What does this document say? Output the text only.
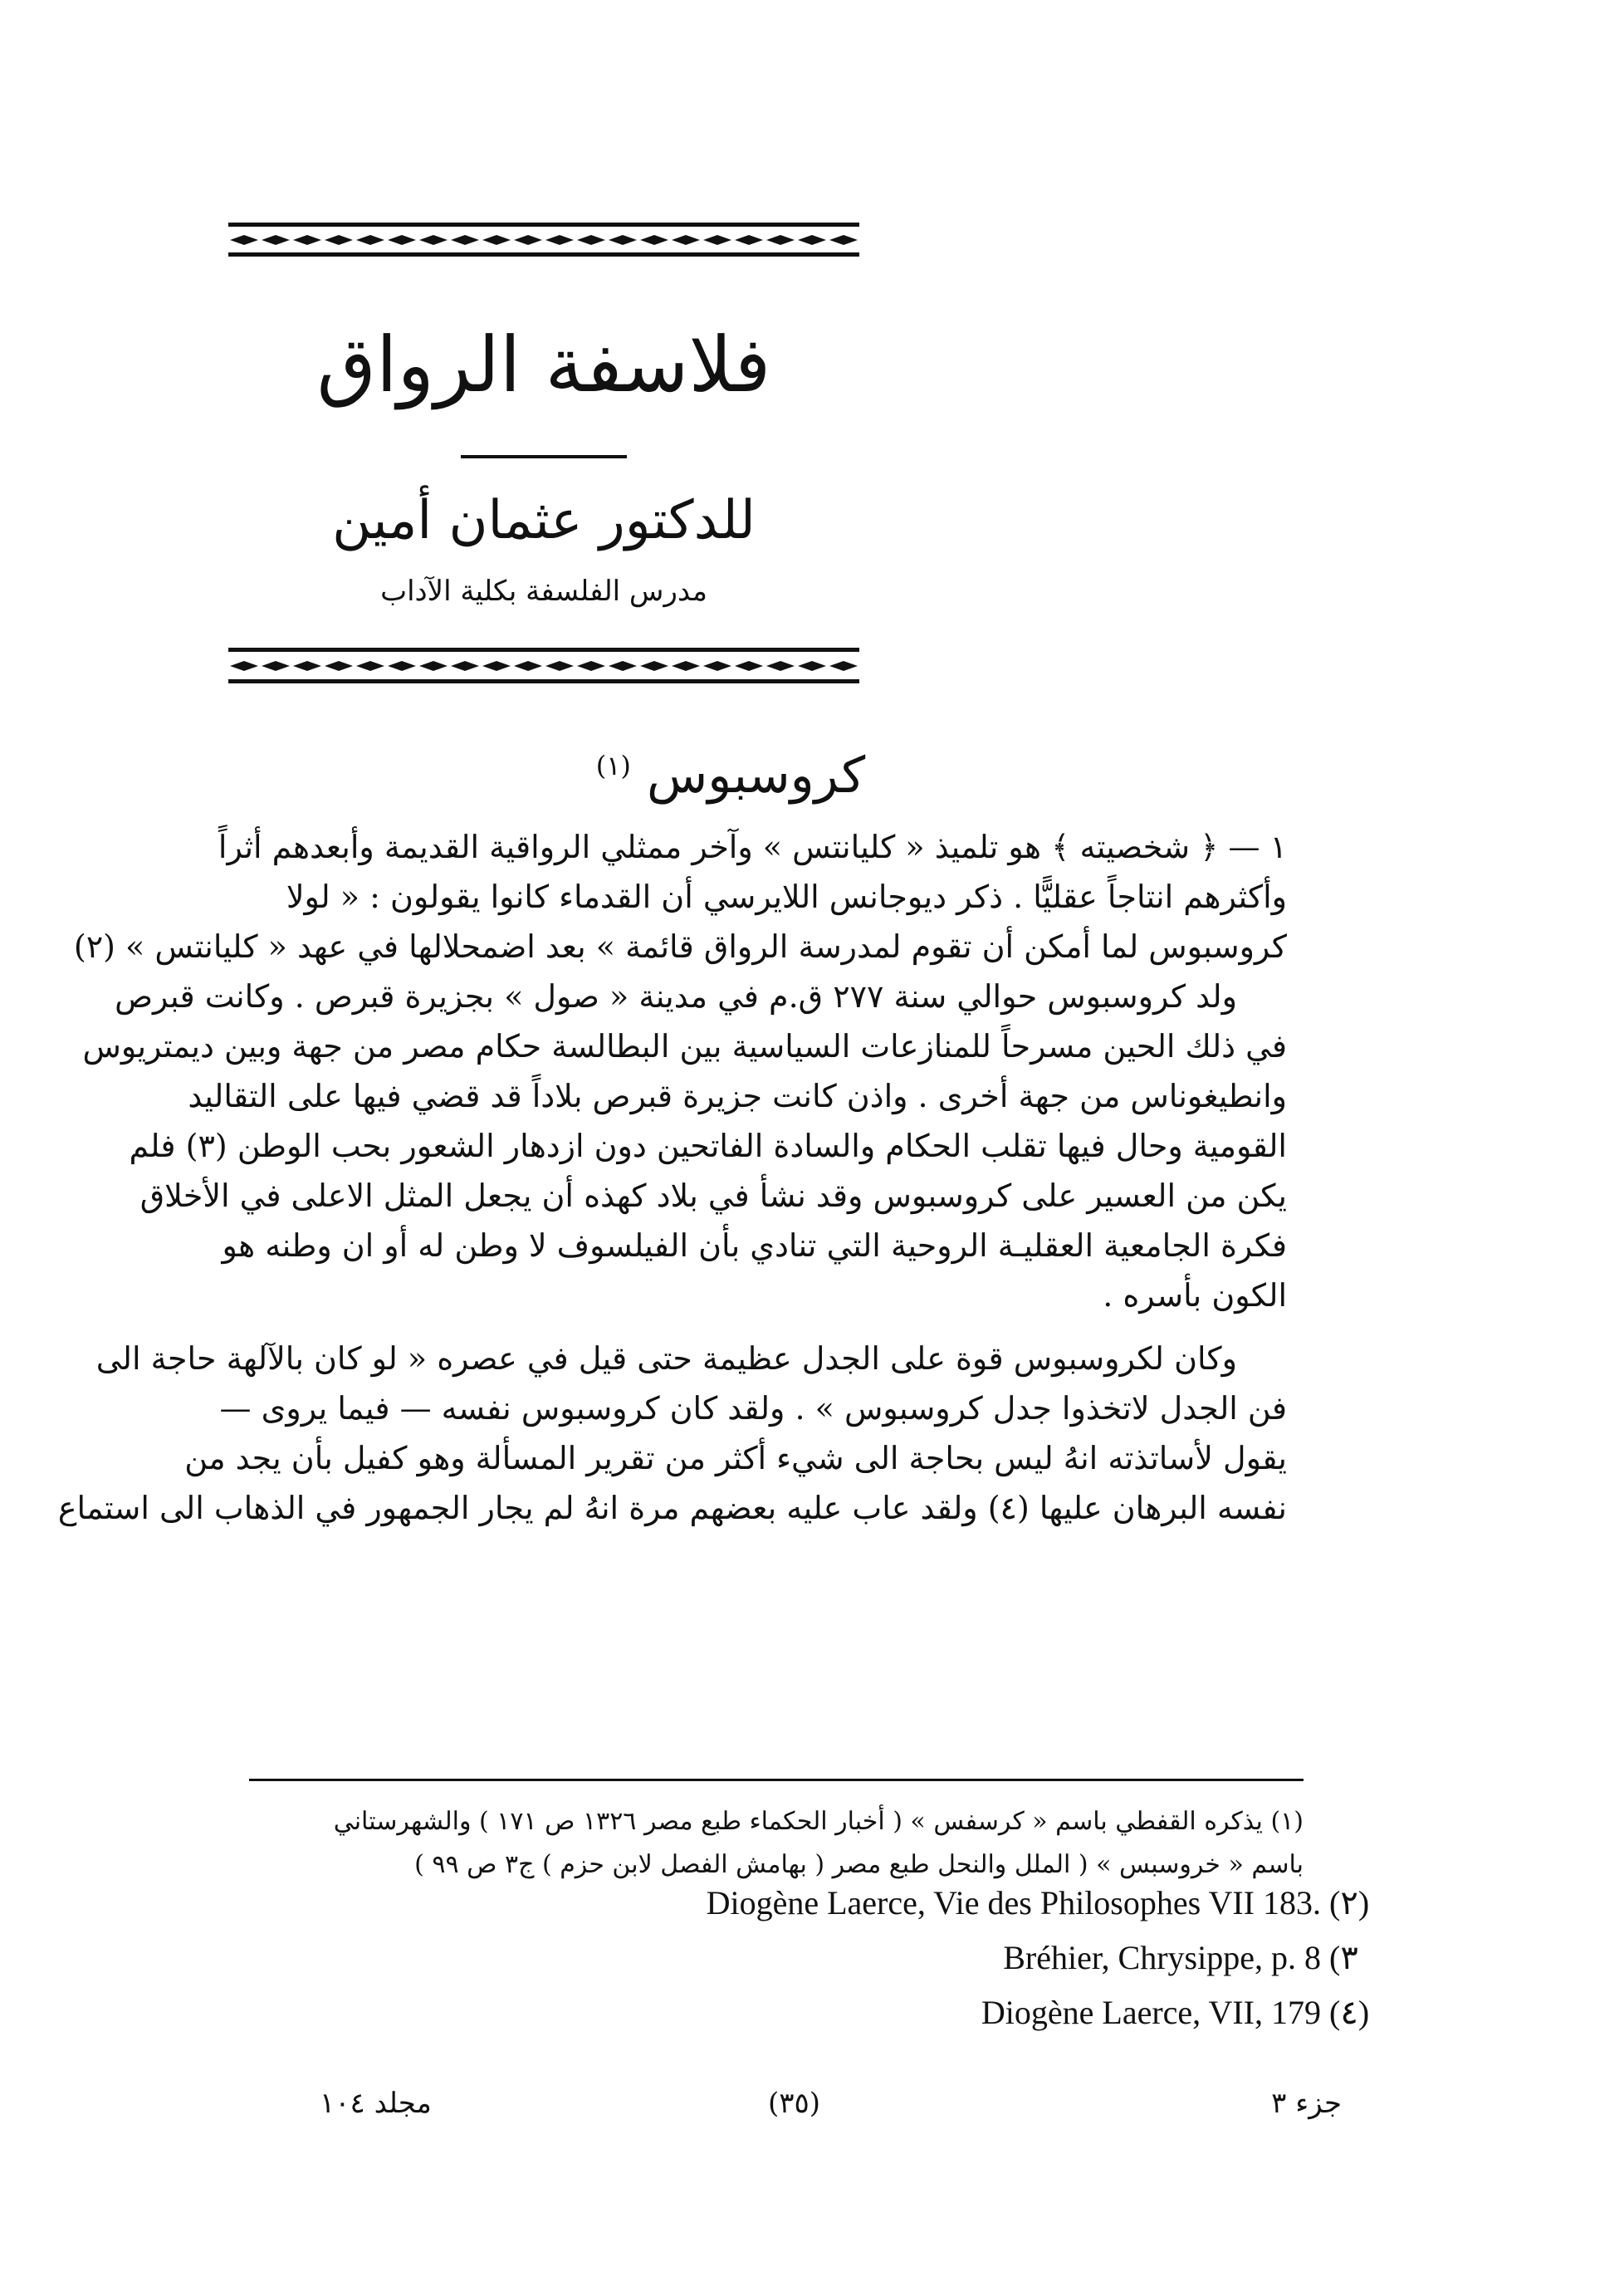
فلاسفة الرواق
للدكتور عثمان أمين
مدرس الفلسفة بكلية الآداب
كروسبوس $^{(١)}$
١ — ﴿ شخصيته ﴾ هو تلميذ « كليانتس » وآخر ممثلي الرواقية القديمة وأبعدهم أثراً
وأكثرهم انتاجاً عقليًّا . ذكر ديوجانس اللايرسي أن القدماء كانوا يقولون : « لولا
كروسبوس لما أمكن أن تقوم لمدرسة الرواق قائمة » بعد اضمحلالها في عهد « كليانتس » (٢)
ولد كروسبوس حوالي سنة ٢٧٧ ق.م في مدينة « صول » بجزيرة قبرص . وكانت قبرص
في ذلك الحين مسرحاً للمنازعات السياسية بين البطالسة حكام مصر من جهة وبين ديمتريوس
وانطيغوناس من جهة أخرى . واذن كانت جزيرة قبرص بلاداً قد قضي فيها على التقاليد
القومية وحال فيها تقلب الحكام والسادة الفاتحين دون ازدهار الشعور بحب الوطن (٣) فلم
يكن من العسير على كروسبوس وقد نشأ في بلاد كهذه أن يجعل المثل الاعلى في الأخلاق
فكرة الجامعية العقليـة الروحية التي تنادي بأن الفيلسوف لا وطن له أو ان وطنه هو
الكون بأسره .
وكان لكروسبوس قوة على الجدل عظيمة حتى قيل في عصره « لو كان بالآلهة حاجة الى
فن الجدل لاتخذوا جدل كروسبوس » . ولقد كان كروسبوس نفسه — فيما يروى —
يقول لأساتذته انهُ ليس بحاجة الى شيء أكثر من تقرير المسألة وهو كفيل بأن يجد من
نفسه البرهان عليها (٤) ولقد عاب عليه بعضهم مرة انهُ لم يجار الجمهور في الذهاب الى استماع
(١) يذكره القفطي باسم « كرسفس » ( أخبار الحكماء طبع مصر ١٣٢٦ ص ١٧١ ) والشهرستاني
باسم « خروسبس » ( الملل والنحل طبع مصر ( بهامش الفصل لابن حزم ) ج٣ ص ٩٩ )
Diogène Laerce, Vie des Philosophes VII 183. (٢)
Bréhier, Chrysippe, p. 8 (٣
Diogène Laerce, VII, 179 (٤)
جزء ٣
(٣٥)
مجلد ١٠٤
